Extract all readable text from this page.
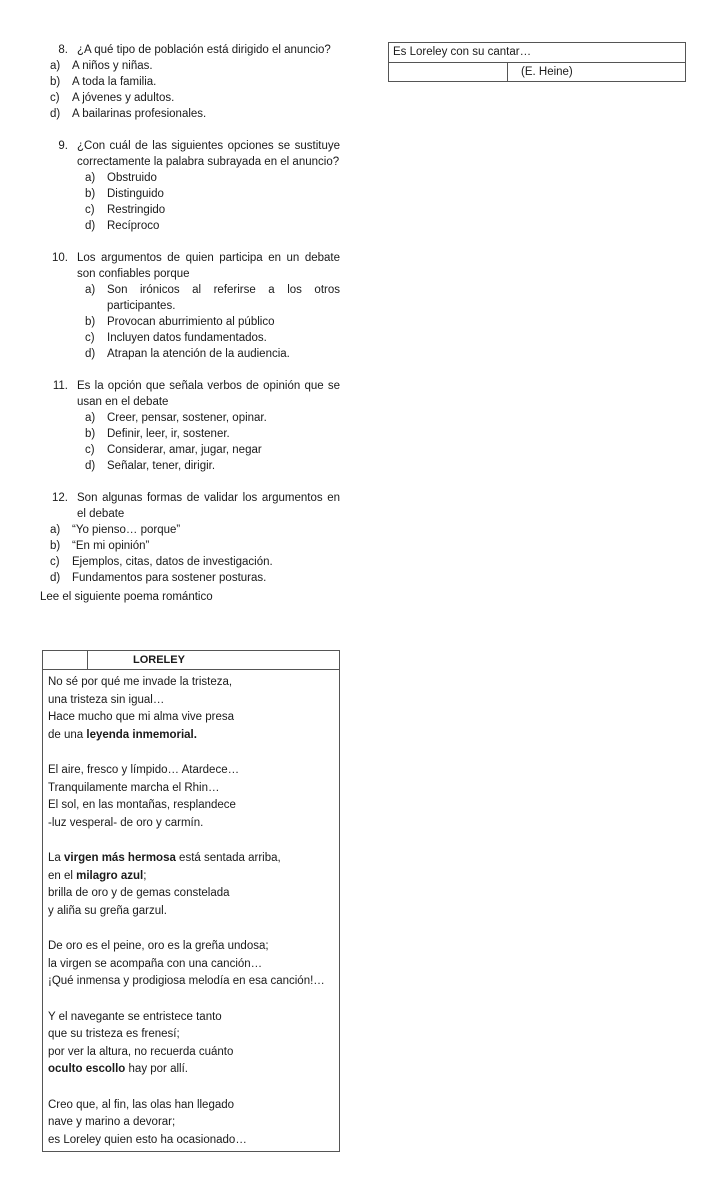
8. ¿A qué tipo de población está dirigido el anuncio?
a)	A niños y niñas.
b)	A toda la familia.
c)	A jóvenes y adultos.
d)	A bailarinas profesionales.
9. ¿Con cuál de las siguientes opciones se sustituye correctamente la palabra subrayada en el anuncio?
a)	Obstruido
b)	Distinguido
c)	Restringido
d)	Recíproco
10. Los argumentos de quien participa en un debate son confiables porque
a)	Son irónicos al referirse a los otros participantes.
b)	Provocan aburrimiento al público
c)	Incluyen datos fundamentados.
d)	Atrapan la atención de la audiencia.
11. Es la opción que señala verbos de opinión que se usan en el debate
a)	Creer, pensar, sostener, opinar.
b)	Definir, leer, ir, sostener.
c)	Considerar, amar, jugar, negar
d)	Señalar, tener, dirigir.
12. Son algunas formas de validar los argumentos en el debate
a)	“Yo pienso… porque”
b)	“En mi opinión”
c)	Ejemplos, citas, datos de investigación.
d)	Fundamentos para sostener posturas.
Lee el siguiente poema romántico
LORELEY
No sé por qué me invade la tristeza,
una tristeza sin igual…
Hace mucho que mi alma vive presa
de una leyenda inmemorial.
El aire, fresco y límpido… Atardece…
Tranquilamente marcha el Rhin…
El sol, en las montañas, resplandece
-luz vesperal- de oro y carmín.
La virgen más hermosa está sentada arriba,
en el milagro azul;
brilla de oro y de gemas constelada
y aliña su greña garzul.
De oro es el peine, oro es la greña undosa;
la virgen se acompaña con una canción…
¡Qué inmensa y prodigiosa melodía en esa canción!…
Y el navegante se entristece tanto
que su tristeza es frenesí;
por ver la altura, no recuerda cuánto
oculto escollo hay por allí.
Creo que, al fin, las olas han llegado
nave y marino a devorar;
es Loreley quien esto ha ocasionado…
Es Loreley con su cantar…
(E. Heine)
